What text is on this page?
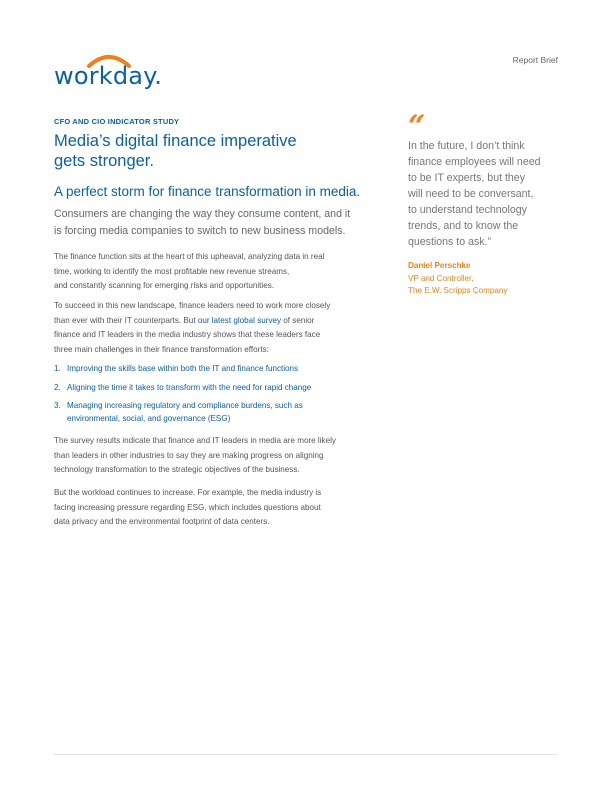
workday.
Report Brief
CFO AND CIO INDICATOR STUDY
Media’s digital finance imperative
gets stronger.
A perfect storm for finance transformation in media.
Consumers are changing the way they consume content, and it
is forcing media companies to switch to new business models.
The finance function sits at the heart of this upheaval, analyzing data in real
time, working to identify the most profitable new revenue streams,
and constantly scanning for emerging risks and opportunities.
To succeed in this new landscape, finance leaders need to work more closely
than ever with their IT counterparts. But our latest global survey of senior
finance and IT leaders in the media industry shows that these leaders face
three main challenges in their finance transformation efforts:
1. Improving the skills base within both the IT and finance functions
2. Aligning the time it takes to transform with the need for rapid change
3. Managing increasing regulatory and compliance burdens, such as
environmental, social, and governance (ESG)
The survey results indicate that finance and IT leaders in media are more likely
than leaders in other industries to say they are making progress on aligning
technology transformation to the strategic objectives of the business.
But the workload continues to increase. For example, the media industry is
facing increasing pressure regarding ESG, which includes questions about
data privacy and the environmental footprint of data centers.
“
In the future, I don’t think
finance employees will need
to be IT experts, but they
will need to be conversant,
to understand technology
trends, and to know the
questions to ask.”
Daniel Perschke
VP and Controller,
The E.W. Scripps Company
